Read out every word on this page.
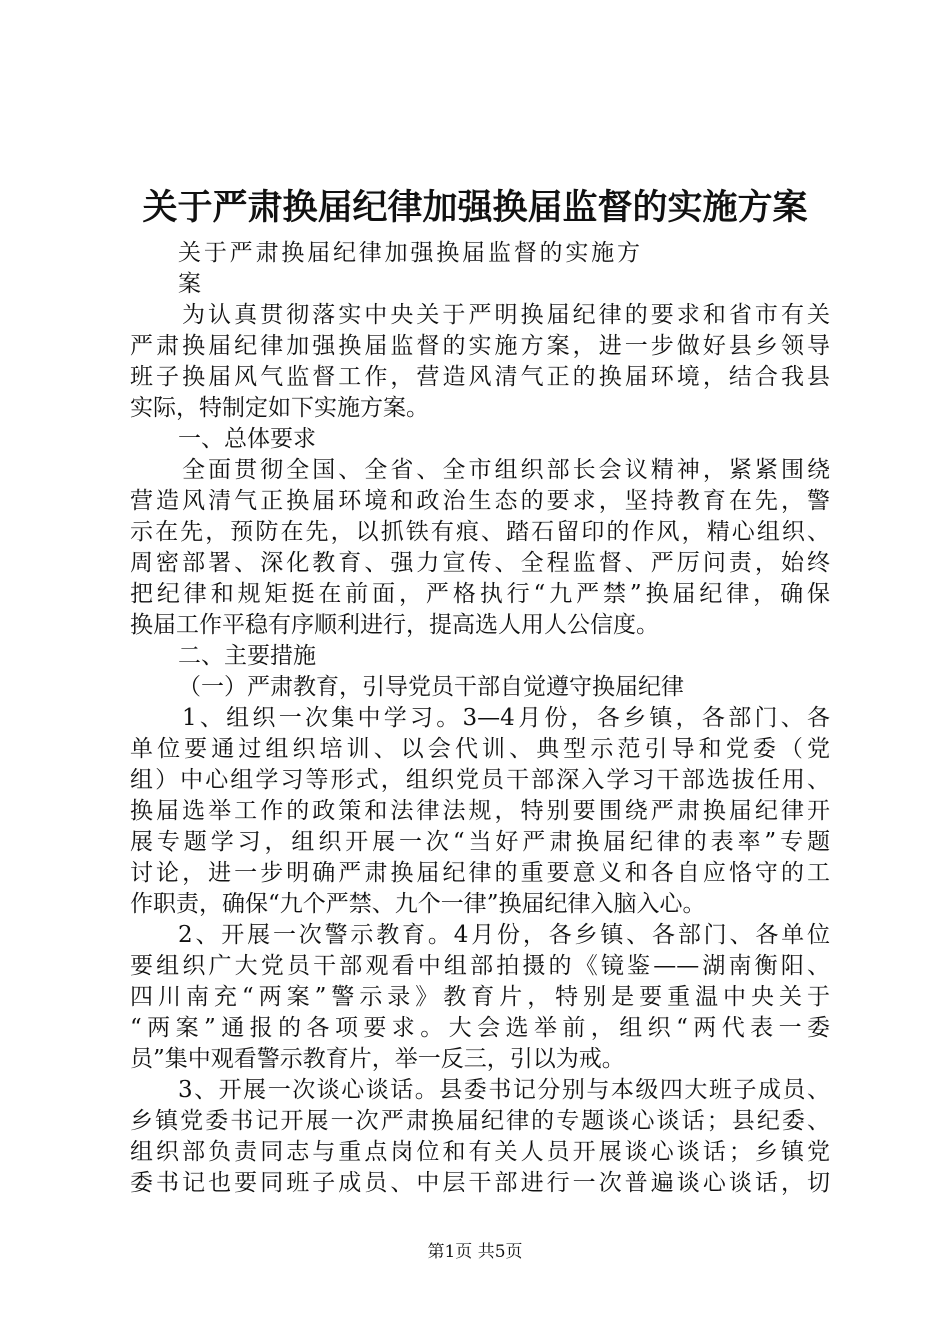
关于严肃换届纪律加强换届监督的实施方案
关于严肃换届纪律加强换届监督的实施方
案
为认真贯彻落实中央关于严明换届纪律的要求和省市有关
严肃换届纪律加强换届监督的实施方案，进一步做好县乡领导
班子换届风气监督工作，营造风清气正的换届环境，结合我县
实际，特制定如下实施方案。
一、总体要求
全面贯彻全国、全省、全市组织部长会议精神，紧紧围绕
营造风清气正换届环境和政治生态的要求，坚持教育在先，警
示在先，预防在先，以抓铁有痕、踏石留印的作风，精心组织、
周密部署、深化教育、强力宣传、全程监督、严厉问责，始终
把纪律和规矩挺在前面，严格执行“九严禁”换届纪律，确保
换届工作平稳有序顺利进行，提高选人用人公信度。
二、主要措施
（一）严肃教育，引导党员干部自觉遵守换届纪律
1、组织一次集中学习。3—4月份，各乡镇，各部门、各
单位要通过组织培训、以会代训、典型示范引导和党委（党
组）中心组学习等形式，组织党员干部深入学习干部选拔任用、
换届选举工作的政策和法律法规，特别要围绕严肃换届纪律开
展专题学习，组织开展一次“当好严肃换届纪律的表率”专题
讨论，进一步明确严肃换届纪律的重要意义和各自应恪守的工
作职责，确保“九个严禁、九个一律”换届纪律入脑入心。
2、开展一次警示教育。4月份，各乡镇、各部门、各单位
要组织广大党员干部观看中组部拍摄的《镜鉴——湖南衡阳、
四川南充“两案”警示录》教育片，特别是要重温中央关于
“两案”通报的各项要求。大会选举前，组织“两代表一委
员”集中观看警示教育片，举一反三，引以为戒。
3、开展一次谈心谈话。县委书记分别与本级四大班子成员、
乡镇党委书记开展一次严肃换届纪律的专题谈心谈话；县纪委、
组织部负责同志与重点岗位和有关人员开展谈心谈话；乡镇党
委书记也要同班子成员、中层干部进行一次普遍谈心谈话，切
第1页 共5页
